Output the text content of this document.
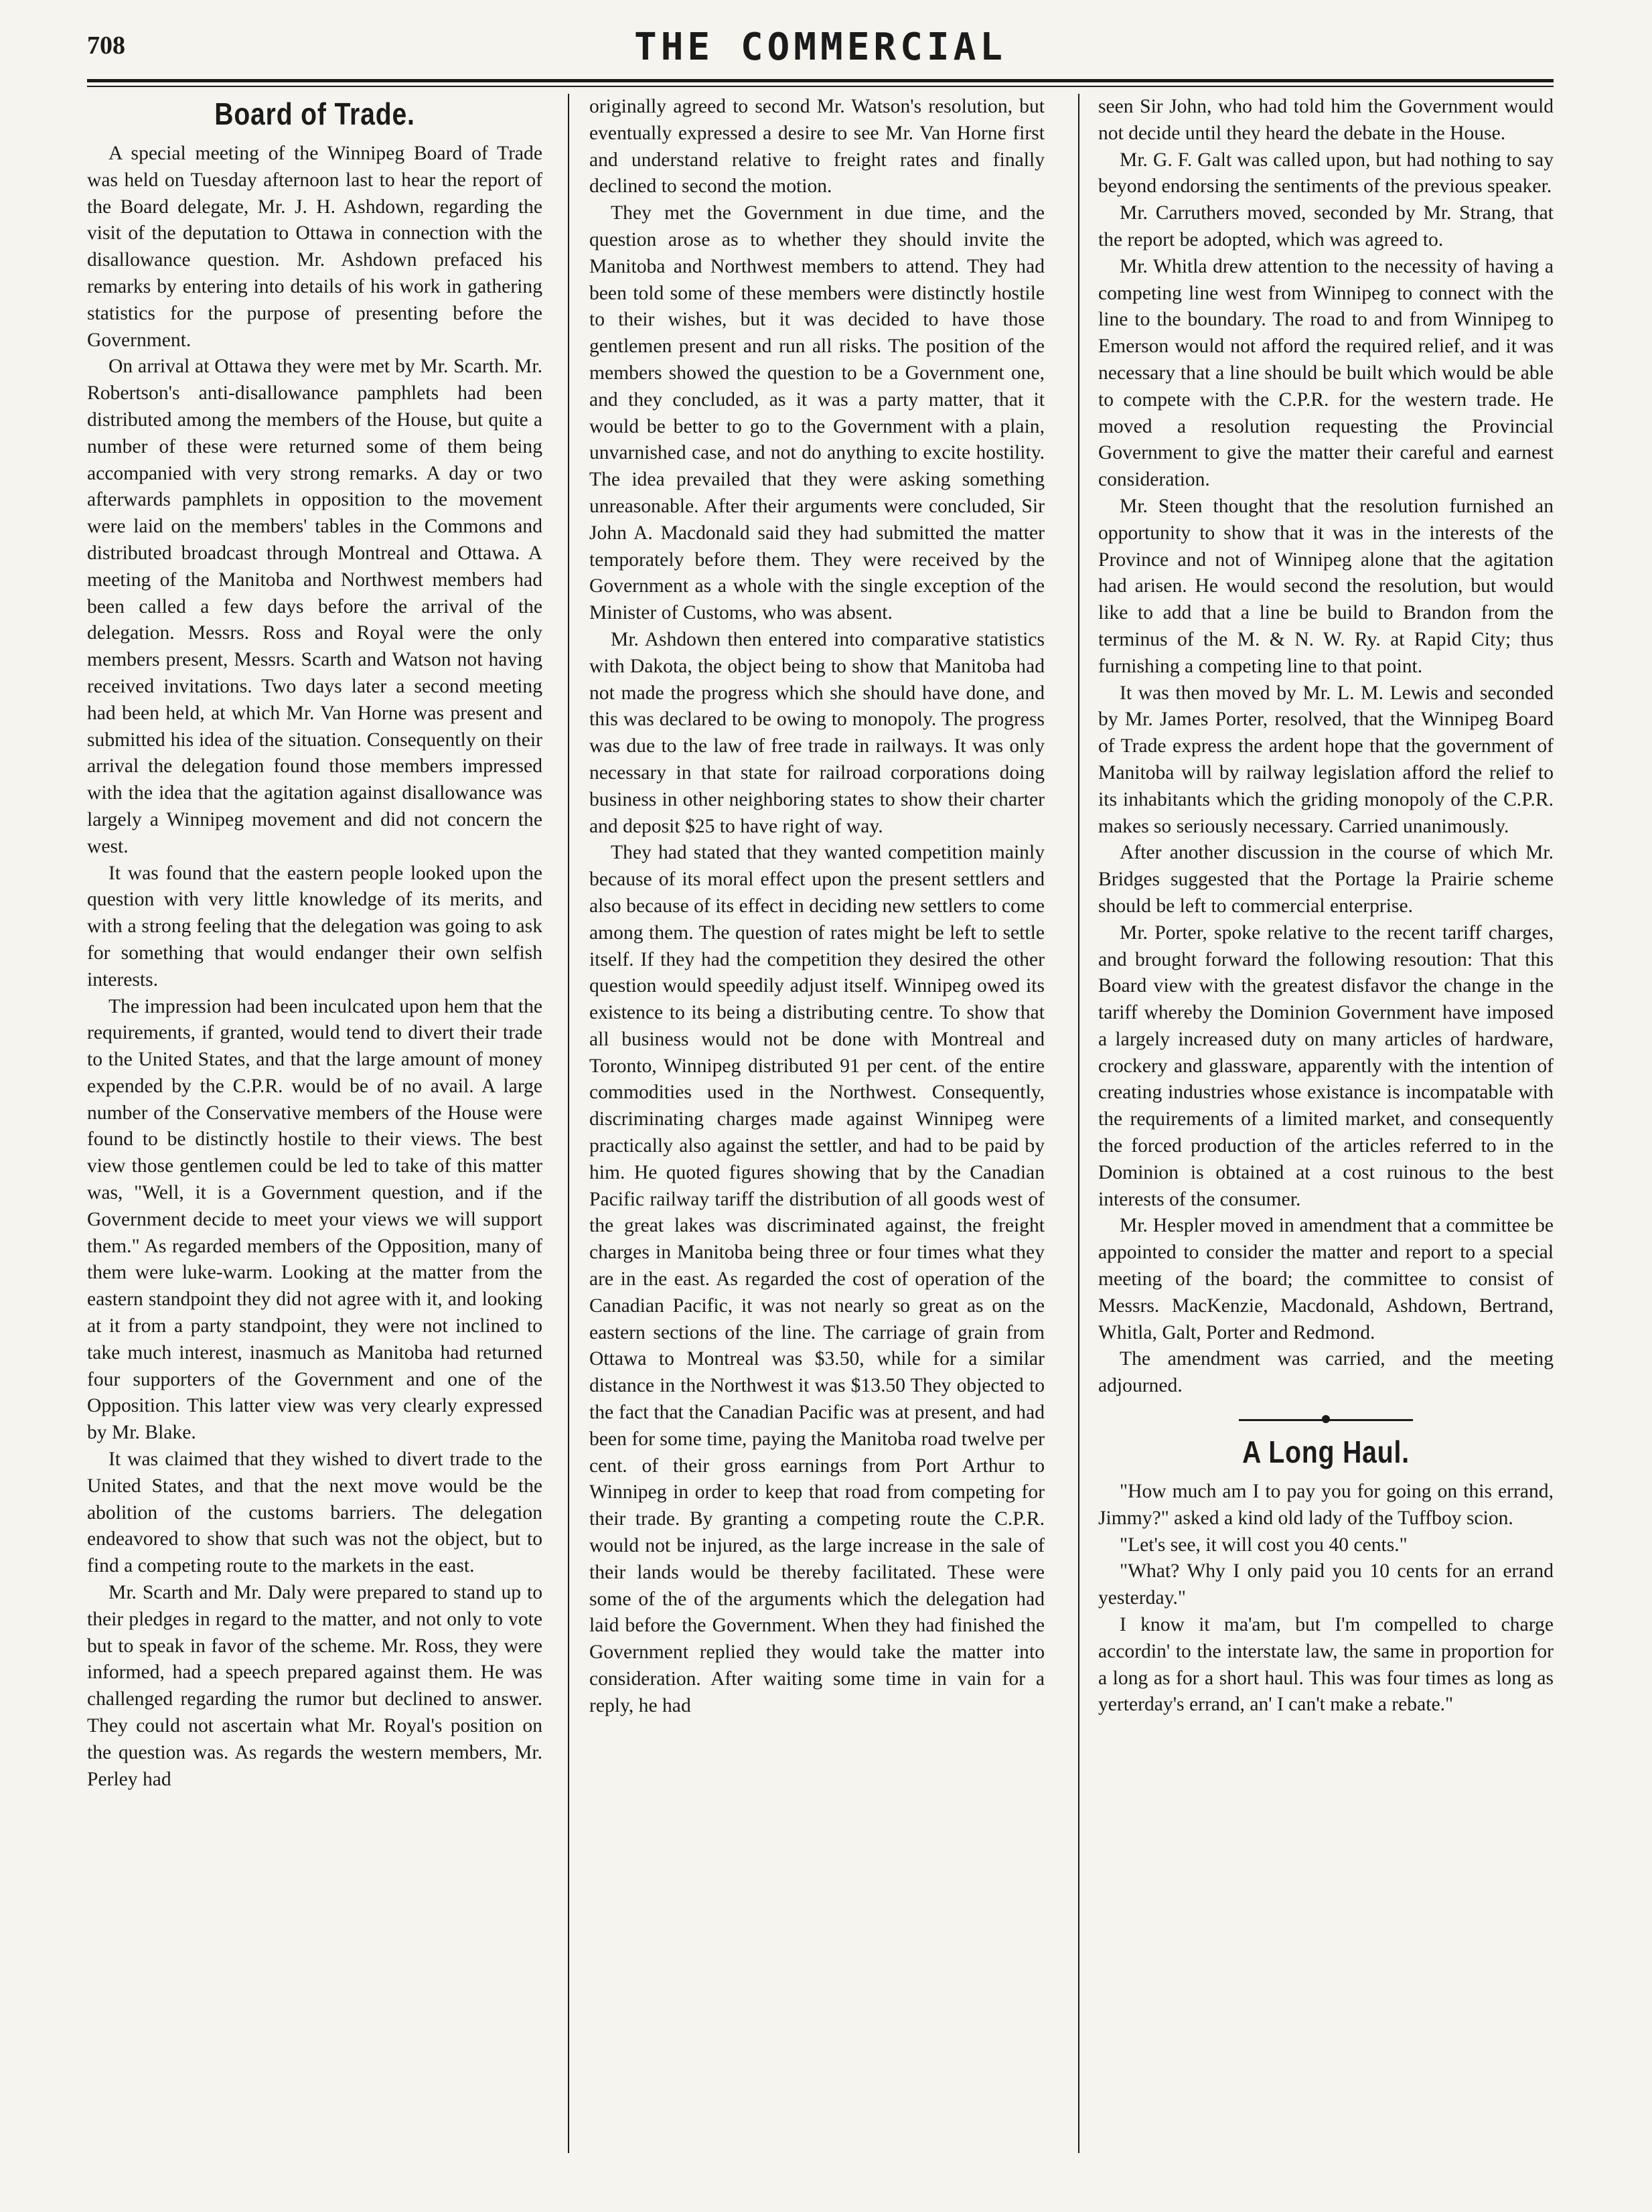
708	THE COMMERCIAL
Board of Trade.

A special meeting of the Winnipeg Board of Trade was held on Tuesday afternoon last to hear the report of the Board delegate, Mr. J. H. Ashdown, regarding the visit of the deputation to Ottawa in connection with the disallowance question. Mr. Ashdown prefaced his remarks by entering into details of his work in gathering statistics for the purpose of presenting before the Government.

On arrival at Ottawa they were met by Mr. Scarth. Mr. Robertson's anti-disallowance pamphlets had been distributed among the members of the House, but quite a number of these were returned some of them being accompanied with very strong remarks. A day or two afterwards pamphlets in opposition to the movement were laid on the members' tables in the Commons and distributed broadcast through Montreal and Ottawa. A meeting of the Manitoba and Northwest members had been called a few days before the arrival of the delegation. Messrs. Ross and Royal were the only members present, Messrs. Scarth and Watson not having received invitations. Two days later a second meeting had been held, at which Mr. Van Horne was present and submitted his idea of the situation. Consequently on their arrival the delegation found those members impressed with the idea that the agitation against disallowance was largely a Winnipeg movement and did not concern the west.

It was found that the eastern people looked upon the question with very little knowledge of its merits, and with a strong feeling that the delegation was going to ask for something that would endanger their own selfish interests.

The impression had been inculcated upon hem that the requirements, if granted, would tend to divert their trade to the United States, and that the large amount of money expended by the C.P.R. would be of no avail. A large number of the Conservative members of the House were found to be distinctly hostile to their views. The best view those gentlemen could be led to take of this matter was, "Well, it is a Government question, and if the Government decide to meet your views we will support them." As regarded members of the Opposition, many of them were luke-warm. Looking at the matter from the eastern standpoint they did not agree with it, and looking at it from a party standpoint, they were not inclined to take much interest, inasmuch as Manitoba had returned four supporters of the Government and one of the Opposition. This latter view was very clearly expressed by Mr. Blake.

It was claimed that they wished to divert trade to the United States, and that the next move would be the abolition of the customs barriers. The delegation endeavored to show that such was not the object, but to find a competing route to the markets in the east.

Mr. Scarth and Mr. Daly were prepared to stand up to their pledges in regard to the matter, and not only to vote but to speak in favor of the scheme. Mr. Ross, they were informed, had a speech prepared against them. He was challenged regarding the rumor but declined to answer. They could not ascertain what Mr. Royal's position on the question was. As regards the western members, Mr. Perley had

originally agreed to second Mr. Watson's resolution, but eventually expressed a desire to see Mr. Van Horne first and understand relative to freight rates and finally declined to second the motion.

They met the Government in due time, and the question arose as to whether they should invite the Manitoba and Northwest members to attend. They had been told some of these members were distinctly hostile to their wishes, but it was decided to have those gentlemen present and run all risks. The position of the members showed the question to be a Government one, and they concluded, as it was a party matter, that it would be better to go to the Government with a plain, unvarnished case, and not do anything to excite hostility. The idea prevailed that they were asking something unreasonable. After their arguments were concluded, Sir John A. Macdonald said they had submitted the matter temporately before them. They were received by the Government as a whole with the single exception of the Minister of Customs, who was absent.

Mr. Ashdown then entered into comparative statistics with Dakota, the object being to show that Manitoba had not made the progress which she should have done, and this was declared to be owing to monopoly. The progress was due to the law of free trade in railways. It was only necessary in that state for railroad corporations doing business in other neighboring states to show their charter and deposit $25 to have right of way.

They had stated that they wanted competition mainly because of its moral effect upon the present settlers and also because of its effect in deciding new settlers to come among them. The question of rates might be left to settle itself. If they had the competition they desired the other question would speedily adjust itself. Winnipeg owed its existence to its being a distributing centre. To show that all business would not be done with Montreal and Toronto, Winnipeg distributed 91 per cent. of the entire commodities used in the Northwest. Consequently, discriminating charges made against Winnipeg were practically also against the settler, and had to be paid by him. He quoted figures showing that by the Canadian Pacific railway tariff the distribution of all goods west of the great lakes was discriminated against, the freight charges in Manitoba being three or four times what they are in the east. As regarded the cost of operation of the Canadian Pacific, it was not nearly so great as on the eastern sections of the line. The carriage of grain from Ottawa to Montreal was $3.50, while for a similar distance in the Northwest it was $13.50 They objected to the fact that the Canadian Pacific was at present, and had been for some time, paying the Manitoba road twelve per cent. of their gross earnings from Port Arthur to Winnipeg in order to keep that road from competing for their trade. By granting a competing route the C.P.R. would not be injured, as the large increase in the sale of their lands would be thereby facilitated. These were some of the of the arguments which the delegation had laid before the Government. When they had finished the Government replied they would take the matter into consideration. After waiting some time in vain for a reply, he had

seen Sir John, who had told him the Government would not decide until they heard the debate in the House.

Mr. G. F. Galt was called upon, but had nothing to say beyond endorsing the sentiments of the previous speaker.

Mr. Carruthers moved, seconded by Mr. Strang, that the report be adopted, which was agreed to.

Mr. Whitla drew attention to the necessity of having a competing line west from Winnipeg to connect with the line to the boundary. The road to and from Winnipeg to Emerson would not afford the required relief, and it was necessary that a line should be built which would be able to compete with the C.P.R. for the western trade. He moved a resolution requesting the Provincial Government to give the matter their careful and earnest consideration.

Mr. Steen thought that the resolution furnished an opportunity to show that it was in the interests of the Province and not of Winnipeg alone that the agitation had arisen. He would second the resolution, but would like to add that a line be build to Brandon from the terminus of the M. & N. W. Ry. at Rapid City; thus furnishing a competing line to that point.

It was then moved by Mr. L. M. Lewis and seconded by Mr. James Porter, resolved, that the Winnipeg Board of Trade express the ardent hope that the government of Manitoba will by railway legislation afford the relief to its inhabitants which the griding monopoly of the C.P.R. makes so seriously necessary. Carried unanimously.

After another discussion in the course of which Mr. Bridges suggested that the Portage la Prairie scheme should be left to commercial enterprise.

Mr. Porter, spoke relative to the recent tariff charges, and brought forward the following resoution: That this Board view with the greatest disfavor the change in the tariff whereby the Dominion Government have imposed a largely increased duty on many articles of hardware, crockery and glassware, apparently with the intention of creating industries whose existance is incompatable with the requirements of a limited market, and consequently the forced production of the articles referred to in the Dominion is obtained at a cost ruinous to the best interests of the consumer.

Mr. Hespler moved in amendment that a committee be appointed to consider the matter and report to a special meeting of the board; the committee to consist of Messrs. MacKenzie, Macdonald, Ashdown, Bertrand, Whitla, Galt, Porter and Redmond.

The amendment was carried, and the meeting adjourned.

A Long Haul.

"How much am I to pay you for going on this errand, Jimmy?" asked a kind old lady of the Tuffboy scion.

"Let's see, it will cost you 40 cents."

"What? Why I only paid you 10 cents for an errand yesterday."

I know it ma'am, but I'm compelled to charge accordin' to the interstate law, the same in proportion for a long as for a short haul. This was four times as long as yerterday's errand, an' I can't make a rebate."
